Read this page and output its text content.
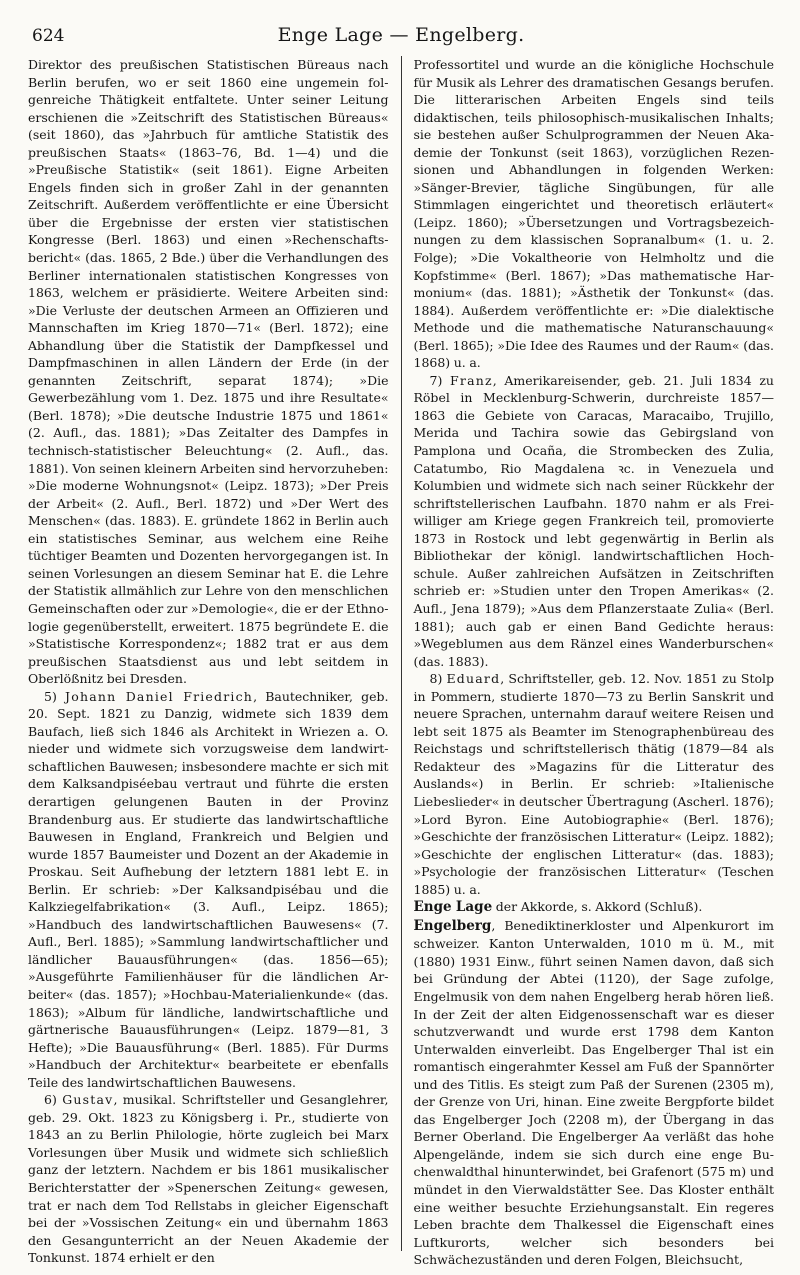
624	Enge Lage — Engelberg.

Direktor des preußischen Statistischen Büreaus nach Berlin berufen, wo er seit 1860 eine ungemein folgenreiche Thätigkeit entfaltete. Unter seiner Leitung erschienen die »Zeitschrift des Statistischen Büreaus« (seit 1860), das »Jahrbuch für amtliche Statistik des preußischen Staats« (1863–76, Bd. 1—4) und die »Preußische Statistik« (seit 1861). Eigne Arbeiten Engels finden sich in großer Zahl in der genannten Zeitschrift. Außerdem veröffentlichte er eine Übersicht über die Ergebnisse der ersten vier statistischen Kongresse (Berl. 1863) und einen »Rechenschaftsbericht« (das. 1865, 2 Bde.) über die Verhandlungen des Berliner internationalen statistischen Kongresses von 1863, welchem er präsidierte. Weitere Arbeiten sind: »Die Verluste der deutschen Armeen an Offizieren und Mannschaften im Krieg 1870—71« (Berl. 1872); eine Abhandlung über die Statistik der Dampfkessel und Dampfmaschinen in allen Ländern der Erde (in der genannten Zeitschrift, separat 1874); »Die Gewerbezählung vom 1. Dez. 1875 und ihre Resultate« (Berl. 1878); »Die deutsche Industrie 1875 und 1861« (2. Aufl., das. 1881); »Das Zeitalter des Dampfes in technisch-statistischer Beleuchtung« (2. Aufl., das. 1881). Von seinen kleinern Arbeiten sind hervorzuheben: »Die moderne Wohnungsnot« (Leipz. 1873); »Der Preis der Arbeit« (2. Aufl., Berl. 1872) und »Der Wert des Menschen« (das. 1883). E. gründete 1862 in Berlin auch ein statistisches Seminar, aus welchem eine Reihe tüchtiger Beamten und Dozenten hervorgegangen ist. In seinen Vorlesungen an diesem Seminar hat E. die Lehre der Statistik allmählich zur Lehre von den menschlichen Gemeinschaften oder zur »Demologie«, die er der Ethnologie gegenüberstellt, erweitert. 1875 begründete E. die »Statistische Korrespondenz«; 1882 trat er aus dem preußischen Staatsdienst aus und lebt seitdem in Oberlößnitz bei Dresden.

5) Johann Daniel Friedrich, Bautechniker, geb. 20. Sept. 1821 zu Danzig, widmete sich 1839 dem Baufach, ließ sich 1846 als Architekt in Wriezen a. O. nieder und widmete sich vorzugsweise dem landwirtschaftlichen Bauwesen; insbesondere machte er sich mit dem Kalksandpiséebau vertraut und führte die ersten derartigen gelungenen Bauten in der Provinz Brandenburg aus. Er studierte das landwirtschaftliche Bauwesen in England, Frankreich und Belgien und wurde 1857 Baumeister und Dozent an der Akademie in Proskau. Seit Aufhebung der letztern 1881 lebt E. in Berlin. Er schrieb: »Der Kalksandpisébau und die Kalkziegelfabrikation« (3. Aufl., Leipz. 1865); »Handbuch des landwirtschaftlichen Bauwesens« (7. Aufl., Berl. 1885); »Sammlung landwirtschaftlicher und ländlicher Bauausführungen« (das. 1856—65); »Ausgeführte Familienhäuser für die ländlichen Arbeiter« (das. 1857); »Hochbau-Materialienkunde« (das. 1863); »Album für ländliche, landwirtschaftliche und gärtnerische Bauausführungen« (Leipz. 1879—81, 3 Hefte); »Die Bauausführung« (Berl. 1885). Für Durms »Handbuch der Architektur« bearbeitete er ebenfalls Teile des landwirtschaftlichen Bauwesens.

6) Gustav, musikal. Schriftsteller und Gesanglehrer, geb. 29. Okt. 1823 zu Königsberg i. Pr., studierte von 1843 an zu Berlin Philologie, hörte zugleich bei Marx Vorlesungen über Musik und widmete sich schließlich ganz der letztern. Nachdem er bis 1861 musikalischer Berichterstatter der »Spenerschen Zeitung« gewesen, trat er nach dem Tod Rellstabs in gleicher Eigenschaft bei der »Vossischen Zeitung« ein und übernahm 1863 den Gesangunterricht an der Neuen Akademie der Tonkunst. 1874 erhielt er den

Professortitel und wurde an die königliche Hochschule für Musik als Lehrer des dramatischen Gesangs berufen. Die litterarischen Arbeiten Engels sind teils didaktischen, teils philosophisch-musikalischen Inhalts; sie bestehen außer Schulprogrammen der Neuen Akademie der Tonkunst (seit 1863), vorzüglichen Rezensionen und Abhandlungen in folgenden Werken: »Sänger-Brevier, tägliche Singübungen, für alle Stimmlagen eingerichtet und theoretisch erläutert« (Leipz. 1860); »Übersetzungen und Vortragsbezeichnungen zu dem klassischen Sopranalbum« (1. u. 2. Folge); »Die Vokaltheorie von Helmholtz und die Kopfstimme« (Berl. 1867); »Das mathematische Harmonium« (das. 1881); »Ästhetik der Tonkunst« (das. 1884). Außerdem veröffentlichte er: »Die dialektische Methode und die mathematische Naturanschauung« (Berl. 1865); »Die Idee des Raumes und der Raum« (das. 1868) u. a.

7) Franz, Amerikareisender, geb. 21. Juli 1834 zu Röbel in Mecklenburg-Schwerin, durchreiste 1857—1863 die Gebiete von Caracas, Maracaibo, Trujillo, Merida und Tachira sowie das Gebirgsland von Pamplona und Ocaña, die Strombecken des Zulia, Catatumbo, Rio Magdalena ꝛc. in Venezuela und Kolumbien und widmete sich nach seiner Rückkehr der schriftstellerischen Laufbahn. 1870 nahm er als Freiwilliger am Kriege gegen Frankreich teil, promovierte 1873 in Rostock und lebt gegenwärtig in Berlin als Bibliothekar der königl. landwirtschaftlichen Hochschule. Außer zahlreichen Aufsätzen in Zeitschriften schrieb er: »Studien unter den Tropen Amerikas« (2. Aufl., Jena 1879); »Aus dem Pflanzerstaate Zulia« (Berl. 1881); auch gab er einen Band Gedichte heraus: »Wegeblumen aus dem Ränzel eines Wanderburschen« (das. 1883).

8) Eduard, Schriftsteller, geb. 12. Nov. 1851 zu Stolp in Pommern, studierte 1870—73 zu Berlin Sanskrit und neuere Sprachen, unternahm darauf weitere Reisen und lebt seit 1875 als Beamter im Stenographenbüreau des Reichstags und schriftstellerisch thätig (1879—84 als Redakteur des »Magazins für die Litteratur des Auslands«) in Berlin. Er schrieb: »Italienische Liebeslieder« in deutscher Übertragung (Ascherl. 1876); »Lord Byron. Eine Autobiographie« (Berl. 1876); »Geschichte der französischen Litteratur« (Leipz. 1882); »Geschichte der englischen Litteratur« (das. 1883); »Psychologie der französischen Litteratur« (Teschen 1885) u. a.

Enge Lage der Akkorde, s. Akkord (Schluß).

Engelberg, Benediktinerkloster und Alpenkurort im schweizer. Kanton Unterwalden, 1010 m ü. M., mit (1880) 1931 Einw., führt seinen Namen davon, daß sich bei Gründung der Abtei (1120), der Sage zufolge, Engelmusik von dem nahen Engelberg herab hören ließ. In der Zeit der alten Eidgenossenschaft war es dieser schutzverwandt und wurde erst 1798 dem Kanton Unterwalden einverleibt. Das Engelberger Thal ist ein romantisch eingerahmter Kessel am Fuß der Spannörter und des Titlis. Es steigt zum Paß der Surenen (2305 m), der Grenze von Uri, hinan. Eine zweite Bergpforte bildet das Engelberger Joch (2208 m), der Übergang in das Berner Oberland. Die Engelberger Aa verläßt das hohe Alpengelände, indem sie sich durch eine enge Buchenwaldthal hinunterwindet, bei Grafenort (575 m) und mündet in den Vierwaldstätter See. Das Kloster enthält eine weither besuchte Erziehungsanstalt. Ein regeres Leben brachte dem Thalkessel die Eigenschaft eines Luftkurorts, welcher sich besonders bei Schwächezuständen und deren Folgen, Bleichsucht,
